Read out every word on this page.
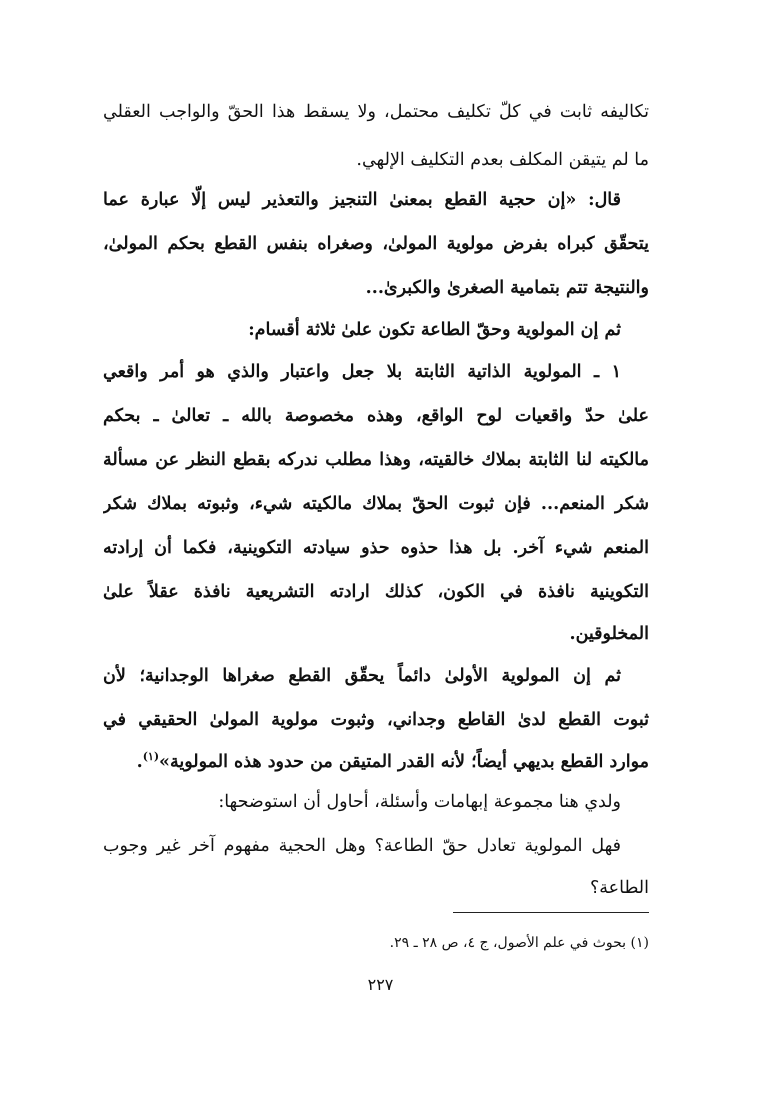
تكاليفه ثابت في كلّ تكليف محتمل، ولا يسقط هذا الحقّ والواجب العقلي
ما لم يتيقن المكلف بعدم التكليف الإلهي.
قال: «إن حجية القطع بمعنىٰ التنجيز والتعذير ليس إلّا عبارة عما
يتحقّق كبراه بفرض مولوية المولىٰ، وصغراه بنفس القطع بحكم المولىٰ،
والنتيجة تتم بتمامية الصغرىٰ والكبرىٰ...
ثم إن المولوية وحقّ الطاعة تكون علىٰ ثلاثة أقسام:
١ ـ المولوية الذاتية الثابتة بلا جعل واعتبار والذي هو أمر واقعي
علىٰ حدّ واقعيات لوح الواقع، وهذه مخصوصة بالله ـ تعالىٰ ـ بحكم
مالكيته لنا الثابتة بملاك خالقيته، وهذا مطلب ندركه بقطع النظر عن مسألة
شكر المنعم... فإن ثبوت الحقّ بملاك مالكيته شيء، وثبوته بملاك شكر
المنعم شيء آخر. بل هذا حذوه حذو سيادته التكوينية، فكما أن إرادته
التكوينية نافذة في الكون، كذلك ارادته التشريعية نافذة عقلاً علىٰ
المخلوقين.
ثم إن المولوية الأولىٰ دائماً يحقّق القطع صغراها الوجدانية؛ لأن
ثبوت القطع لدىٰ القاطع وجداني، وثبوت مولوية المولىٰ الحقيقي في
موارد القطع بديهي أيضاً؛ لأنه القدر المتيقن من حدود هذه المولوية»$^{(١)}$.
ولدي هنا مجموعة إبهامات وأسئلة، أحاول أن استوضحها:
فهل المولوية تعادل حقّ الطاعة؟ وهل الحجية مفهوم آخر غير وجوب
الطاعة؟
(١) بحوث في علم الأصول، ج ٤، ص ٢٨ ـ ٢٩.
٢٢٧
